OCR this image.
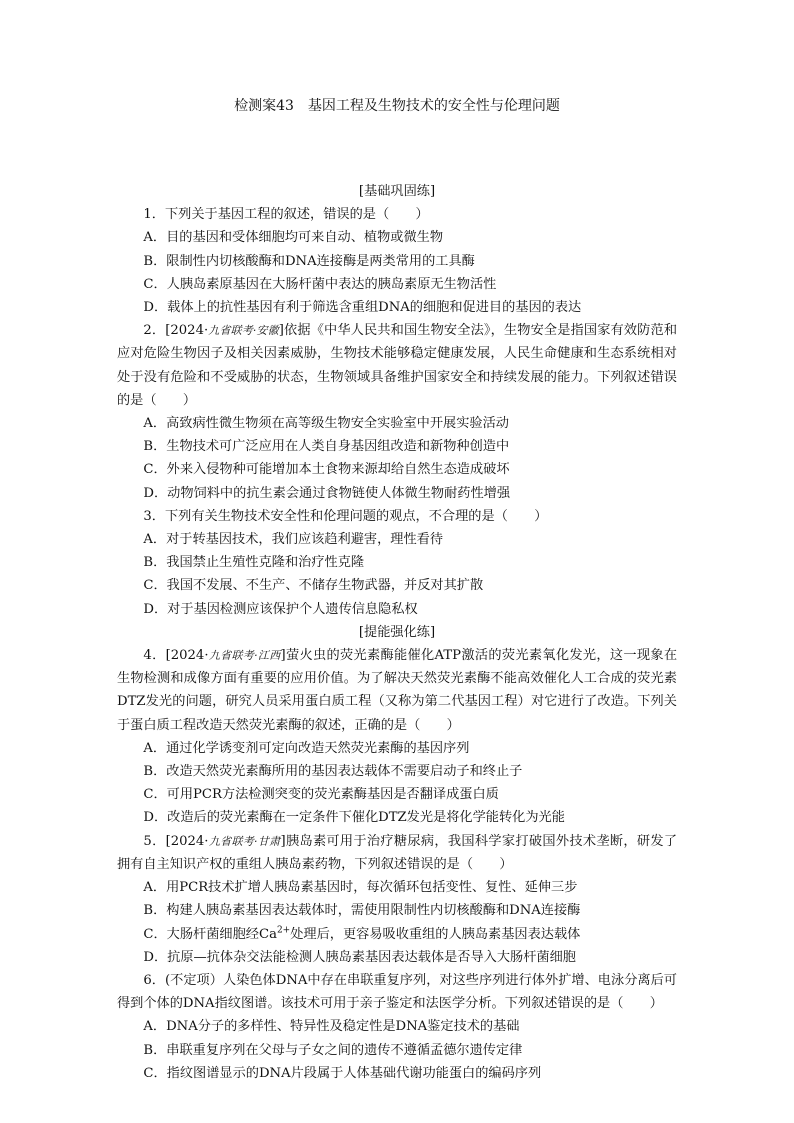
检测案43　基因工程及生物技术的安全性与伦理问题
[基础巩固练]
1．下列关于基因工程的叙述，错误的是（　　）
A．目的基因和受体细胞均可来自动、植物或微生物
B．限制性内切核酸酶和DNA连接酶是两类常用的工具酶
C．人胰岛素原基因在大肠杆菌中表达的胰岛素原无生物活性
D．载体上的抗性基因有利于筛选含重组DNA的细胞和促进目的基因的表达
2．[2024·九省联考·安徽]依据《中华人民共和国生物安全法》，生物安全是指国家有效防范和应对危险生物因子及相关因素威胁，生物技术能够稳定健康发展，人民生命健康和生态系统相对处于没有危险和不受威胁的状态，生物领域具备维护国家安全和持续发展的能力。下列叙述错误的是（　　）
A．高致病性微生物须在高等级生物安全实验室中开展实验活动
B．生物技术可广泛应用在人类自身基因组改造和新物种创造中
C．外来入侵物种可能增加本土食物来源却给自然生态造成破坏
D．动物饲料中的抗生素会通过食物链使人体微生物耐药性增强
3．下列有关生物技术安全性和伦理问题的观点，不合理的是（　　）
A．对于转基因技术，我们应该趋利避害，理性看待
B．我国禁止生殖性克隆和治疗性克隆
C．我国不发展、不生产、不储存生物武器，并反对其扩散
D．对于基因检测应该保护个人遗传信息隐私权
[提能强化练]
4．[2024·九省联考·江西]萤火虫的荧光素酶能催化ATP激活的荧光素氧化发光，这一现象在生物检测和成像方面有重要的应用价值。为了解决天然荧光素酶不能高效催化人工合成的荧光素DTZ发光的问题，研究人员采用蛋白质工程（又称为第二代基因工程）对它进行了改造。下列关于蛋白质工程改造天然荧光素酶的叙述，正确的是（　　）
A．通过化学诱变剂可定向改造天然荧光素酶的基因序列
B．改造天然荧光素酶所用的基因表达载体不需要启动子和终止子
C．可用PCR方法检测突变的荧光素酶基因是否翻译成蛋白质
D．改造后的荧光素酶在一定条件下催化DTZ发光是将化学能转化为光能
5．[2024·九省联考·甘肃]胰岛素可用于治疗糖尿病，我国科学家打破国外技术垄断，研发了拥有自主知识产权的重组人胰岛素药物，下列叙述错误的是（　　）
A．用PCR技术扩增人胰岛素基因时，每次循环包括变性、复性、延伸三步
B．构建人胰岛素基因表达载体时，需使用限制性内切核酸酶和DNA连接酶
C．大肠杆菌细胞经$Ca^{2+}$处理后，更容易吸收重组的人胰岛素基因表达载体
D．抗原—抗体杂交法能检测人胰岛素基因表达载体是否导入大肠杆菌细胞
6．(不定项）人染色体DNA中存在串联重复序列，对这些序列进行体外扩增、电泳分离后可得到个体的DNA指纹图谱。该技术可用于亲子鉴定和法医学分析。下列叙述错误的是（　　）
A．DNA分子的多样性、特异性及稳定性是DNA鉴定技术的基础
B．串联重复序列在父母与子女之间的遗传不遵循孟德尔遗传定律
C．指纹图谱显示的DNA片段属于人体基础代谢功能蛋白的编码序列
